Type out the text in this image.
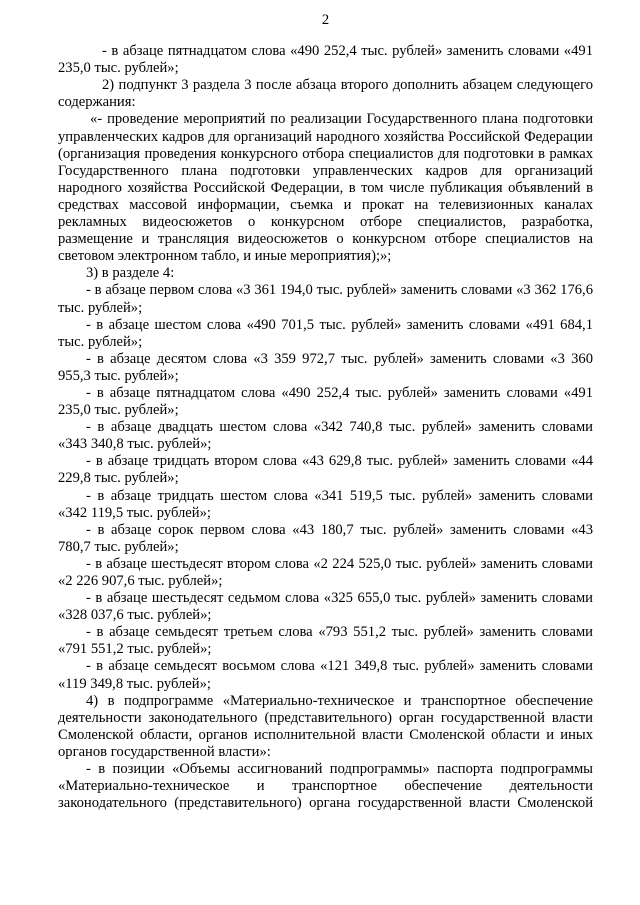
2
- в абзаце пятнадцатом слова «490 252,4 тыс. рублей» заменить словами «491 235,0 тыс. рублей»;
2) подпункт 3 раздела 3 после абзаца второго дополнить абзацем следующего содержания:
«- проведение мероприятий по реализации Государственного плана подготовки управленческих кадров для организаций народного хозяйства Российской Федерации (организация проведения конкурсного отбора специалистов для подготовки в рамках Государственного плана подготовки управленческих кадров для организаций народного хозяйства Российской Федерации, в том числе публикация объявлений в средствах массовой информации, съемка и прокат на телевизионных каналах рекламных видеосюжетов о конкурсном отборе специалистов, разработка, размещение и трансляция видеосюжетов о конкурсном отборе специалистов на световом электронном табло, и иные мероприятия);»;
3) в разделе 4:
- в абзаце первом слова «3 361 194,0 тыс. рублей» заменить словами «3 362 176,6 тыс. рублей»;
- в абзаце шестом слова «490 701,5 тыс. рублей» заменить словами «491 684,1 тыс. рублей»;
- в абзаце десятом слова «3 359 972,7 тыс. рублей» заменить словами «3 360 955,3 тыс. рублей»;
- в абзаце пятнадцатом слова «490 252,4 тыс. рублей» заменить словами «491 235,0 тыс. рублей»;
- в абзаце двадцать шестом слова «342 740,8 тыс. рублей» заменить словами «343 340,8 тыс. рублей»;
- в абзаце тридцать втором слова «43 629,8 тыс. рублей» заменить словами «44 229,8 тыс. рублей»;
- в абзаце тридцать шестом слова «341 519,5 тыс. рублей» заменить словами «342 119,5 тыс. рублей»;
- в абзаце сорок первом слова «43 180,7 тыс. рублей» заменить словами «43 780,7 тыс. рублей»;
- в абзаце шестьдесят втором слова «2 224 525,0 тыс. рублей» заменить словами «2 226 907,6 тыс. рублей»;
- в абзаце шестьдесят седьмом слова «325 655,0 тыс. рублей» заменить словами «328 037,6 тыс. рублей»;
- в абзаце семьдесят третьем слова «793 551,2 тыс. рублей» заменить словами «791 551,2 тыс. рублей»;
- в абзаце семьдесят восьмом слова «121 349,8 тыс. рублей» заменить словами «119 349,8 тыс. рублей»;
4) в подпрограмме «Материально-техническое и транспортное обеспечение деятельности законодательного (представительного) орган государственной власти Смоленской области, органов исполнительной власти Смоленской области и иных органов государственной власти»:
- в позиции «Объемы ассигнований подпрограммы» паспорта подпрограммы «Материально-техническое и транспортное обеспечение деятельности законодательного (представительного) органа государственной власти Смоленской
